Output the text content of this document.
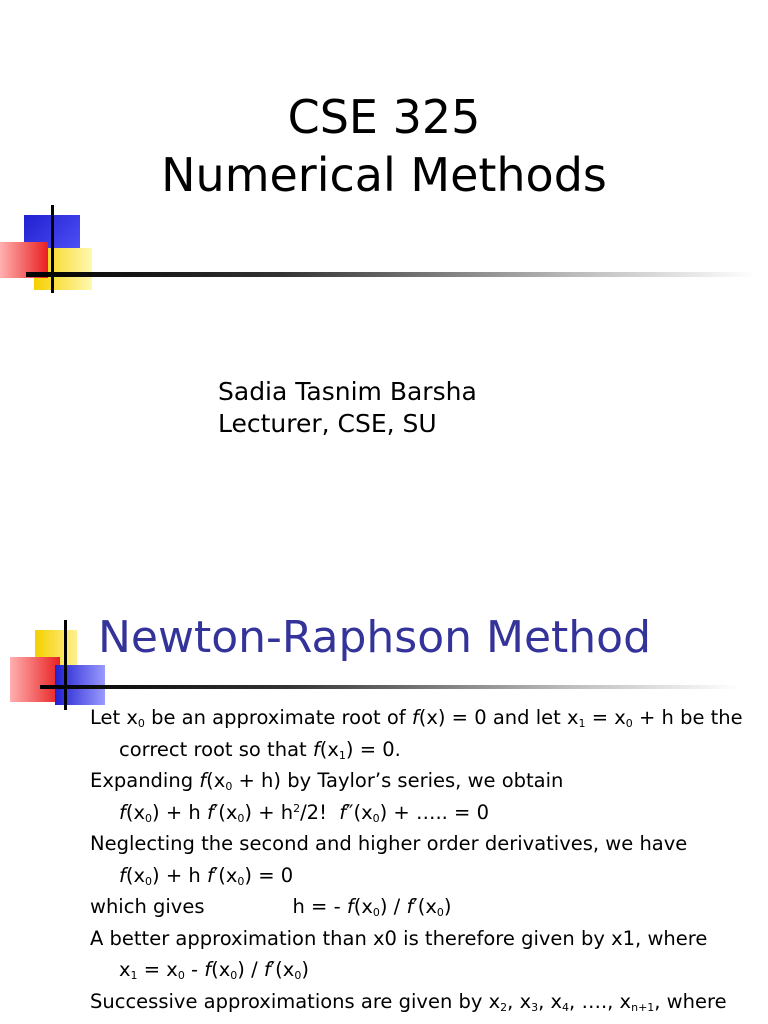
CSE 325
Numerical Methods
Sadia Tasnim Barsha
Lecturer, CSE, SU
Newton-Raphson Method
Let $x_0$ be an approximate root of f(x) = 0 and let $x_1 = x_0 + h$ be the
correct root so that $f(x_1) = 0$.
Expanding $f(x_0 + h)$ by Taylor’s series, we obtain
$f(x_0) + h$ $f'(x_0) + h^2/2$!  $f''(x_0)$ + ….. = 0
Neglecting the second and higher order derivatives, we have
$f(x_0) + h$ $f'(x_0) = 0$
which gives	h = - $f(x_0) / f'(x_0)$
A better approximation than x0 is therefore given by x1, where
$x_1 = x_0 - f(x_0) / f'(x_0)$
Successive approximations are given by $x_2$, $x_3$, $x_4$, …., $x_{n+1}$, where
